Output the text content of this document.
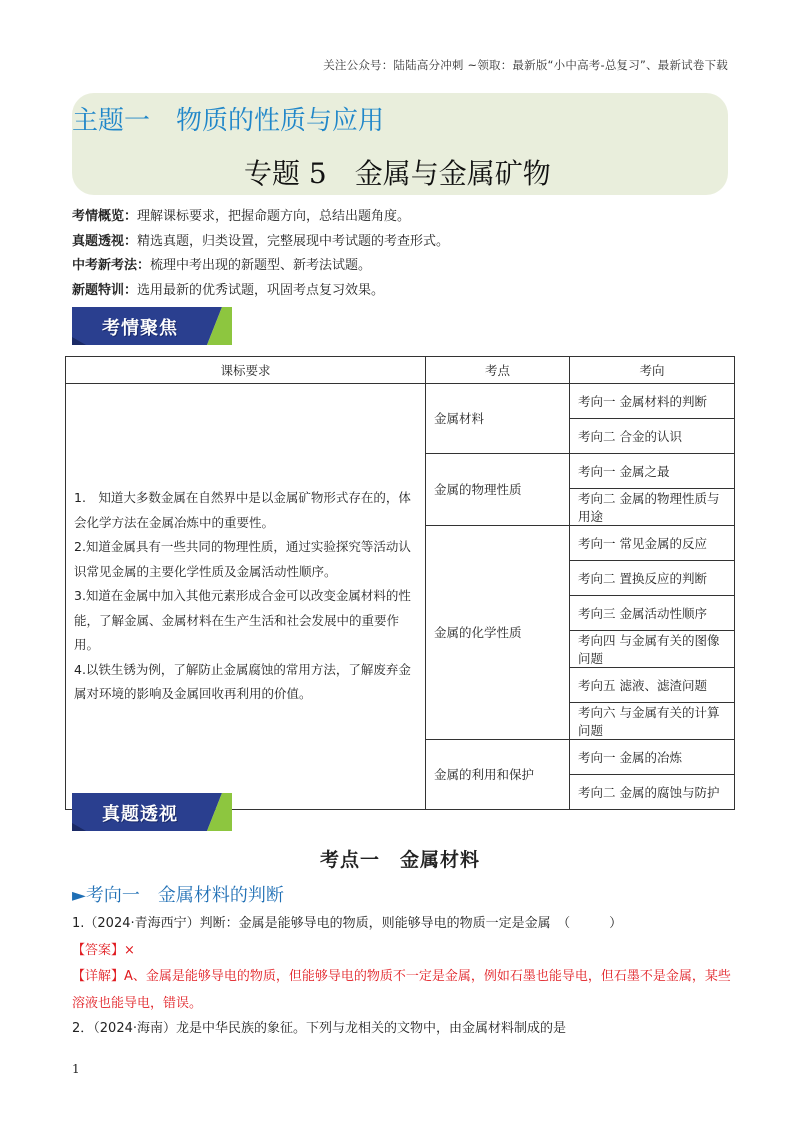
关注公众号：陆陆高分冲刺 ~领取：最新版“小中高考-总复习”、最新试卷下载
主题一　物质的性质与应用
专题 5　金属与金属矿物
考情概览：理解课标要求，把握命题方向，总结出题角度。
真题透视：精选真题，归类设置，完整展现中考试题的考查形式。
中考新考法：梳理中考出现的新题型、新考法试题。
新题特训：选用最新的优秀试题，巩固考点复习效果。
考情聚焦
课标要求	考点	考向

1.　知道大多数金属在自然界中是以金属矿物形式存在的，体会化学方法在金属冶炼中的重要性。
2.知道金属具有一些共同的物理性质，通过实验探究等活动认识常见金属的主要化学性质及金属活动性顺序。
3.知道在金属中加入其他元素形成合金可以改变金属材料的性能，了解金属、金属材料在生产生活和社会发展中的重要作用。
4.以铁生锈为例，了解防止金属腐蚀的常用方法，了解废弃金属对环境的影响及金属回收再利用的价值。	金属材料	考向一 金属材料的判断
		考向二 合金的认识
	金属的物理性质	考向一 金属之最
		考向二 金属的物理性质与用途
	金属的化学性质	考向一 常见金属的反应
		考向二 置换反应的判断
		考向三 金属活动性顺序
		考向四 与金属有关的图像问题
		考向五 滤液、滤渣问题
		考向六 与金属有关的计算问题
	金属的利用和保护	考向一 金属的冶炼
		考向二 金属的腐蚀与防护
真题透视
考点一　金属材料
►考向一　金属材料的判断
1.（2024·青海西宁）判断：金属是能够导电的物质，则能够导电的物质一定是金属　（　　　）
【答案】×
【详解】A、金属是能够导电的物质，但能够导电的物质不一定是金属，例如石墨也能导电，但石墨不是金属，某些溶液也能导电，错误。
2．（2024·海南）龙是中华民族的象征。下列与龙相关的文物中，由金属材料制成的是
1
